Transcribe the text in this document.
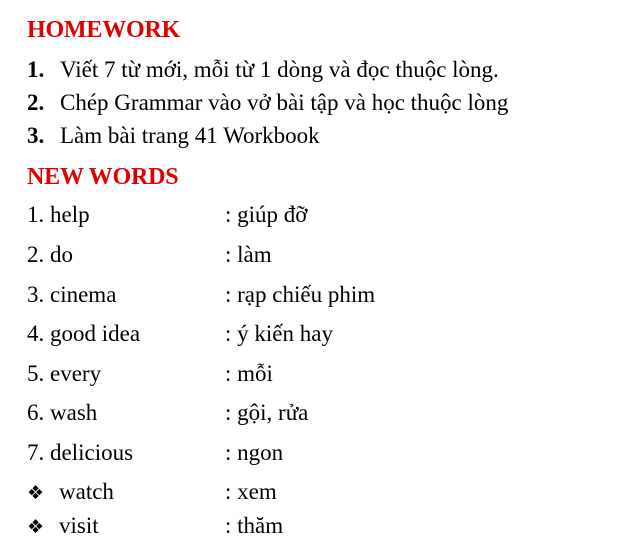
HOMEWORK
1. Viết 7 từ mới, mỗi từ 1 dòng và đọc thuộc lòng.
2. Chép Grammar vào vở bài tập và học thuộc lòng
3. Làm bài trang 41 Workbook
NEW WORDS
1. help	: giúp đỡ
2. do	: làm
3. cinema	: rạp chiếu phim
4. good idea	: ý kiến hay
5. every	: mỗi
6. wash	: gội, rửa
7. delicious	: ngon
❖ watch	: xem
❖ visit	: thăm
